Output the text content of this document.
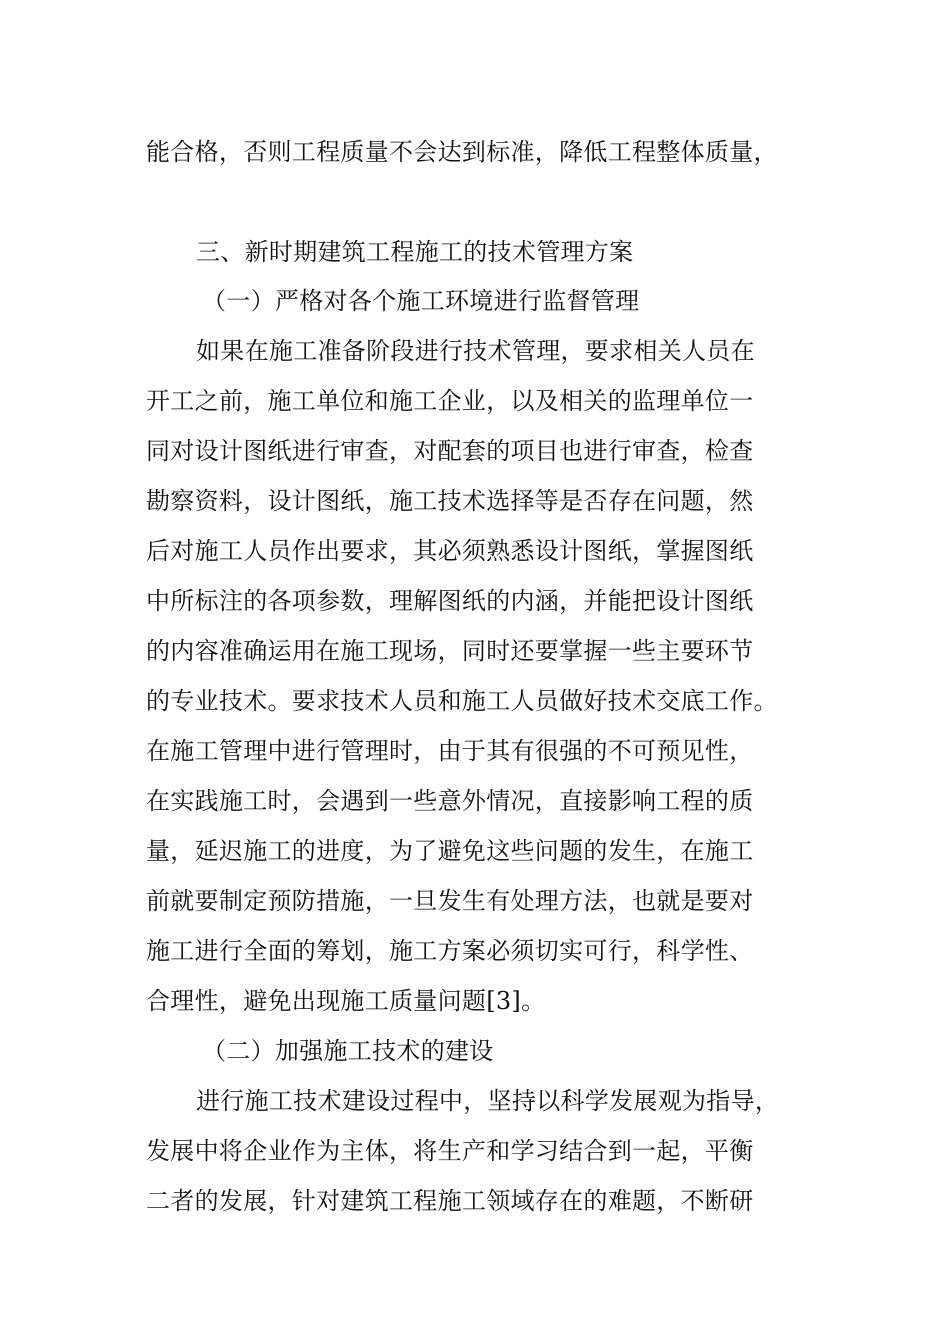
能合格，否则工程质量不会达到标准，降低工程整体质量，
三、新时期建筑工程施工的技术管理方案
（一）严格对各个施工环境进行监督管理
如果在施工准备阶段进行技术管理，要求相关人员在
开工之前，施工单位和施工企业，以及相关的监理单位一
同对设计图纸进行审查，对配套的项目也进行审查，检查
勘察资料，设计图纸，施工技术选择等是否存在问题，然
后对施工人员作出要求，其必须熟悉设计图纸，掌握图纸
中所标注的各项参数，理解图纸的内涵，并能把设计图纸
的内容准确运用在施工现场，同时还要掌握一些主要环节
的专业技术。要求技术人员和施工人员做好技术交底工作。
在施工管理中进行管理时，由于其有很强的不可预见性，
在实践施工时，会遇到一些意外情况，直接影响工程的质
量，延迟施工的进度，为了避免这些问题的发生，在施工
前就要制定预防措施，一旦发生有处理方法，也就是要对
施工进行全面的筹划，施工方案必须切实可行，科学性、
合理性，避免出现施工质量问题[3]。
（二）加强施工技术的建设
进行施工技术建设过程中，坚持以科学发展观为指导，
发展中将企业作为主体，将生产和学习结合到一起，平衡
二者的发展，针对建筑工程施工领域存在的难题，不断研
